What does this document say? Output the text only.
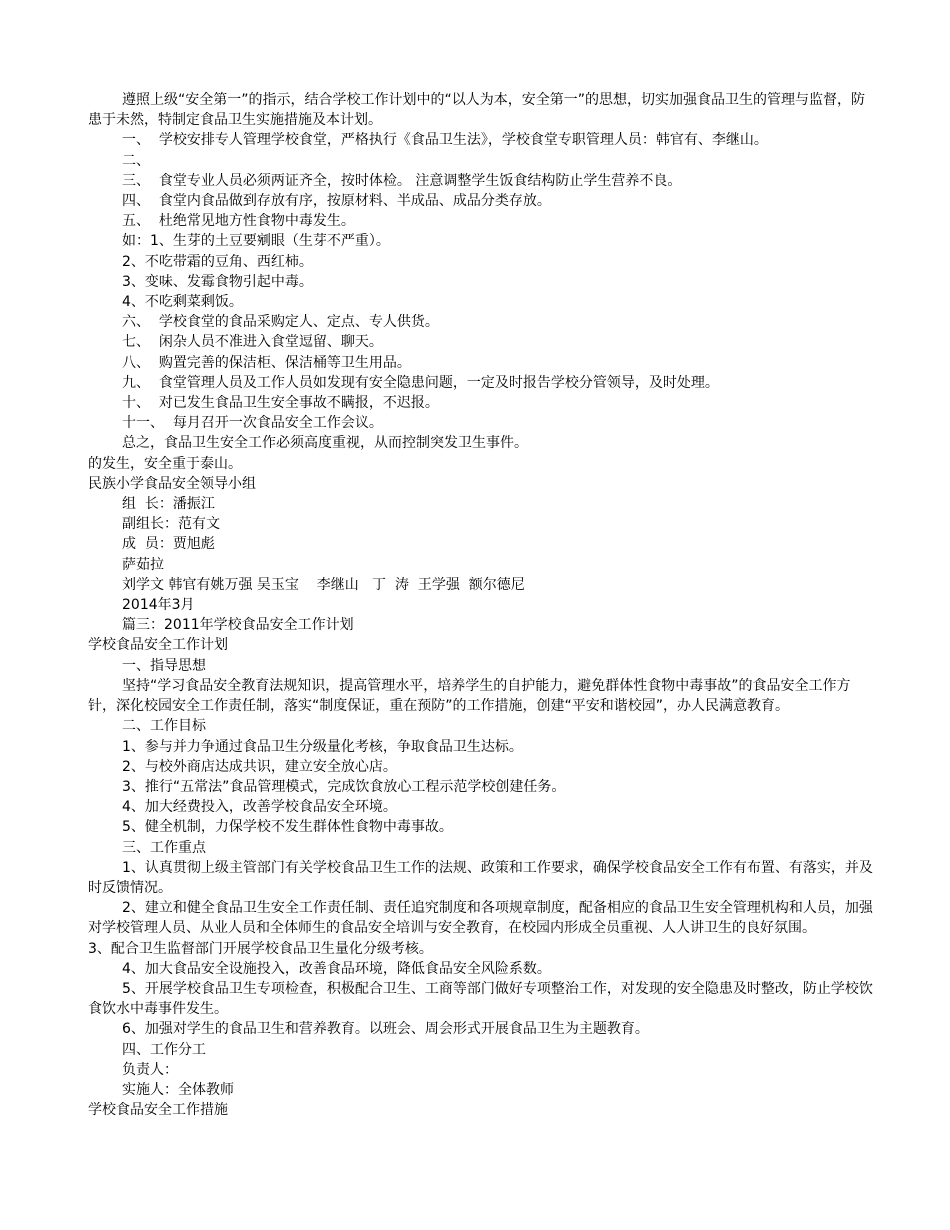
遵照上级“安全第一”的指示，结合学校工作计划中的“以人为本，安全第一”的思想，切实加强食品卫生的管理与监督，防患于未然，特制定食品卫生实施措施及本计划。

一、  学校安排专人管理学校食堂，严格执行《食品卫生法》，学校食堂专职管理人员：韩官有、李继山。

二、

三、  食堂专业人员必须两证齐全，按时体检。 注意调整学生饭食结构防止学生营养不良。

四、  食堂内食品做到存放有序，按原材料、半成品、成品分类存放。

五、  杜绝常见地方性食物中毒发生。

如：1、生芽的土豆要剜眼（生芽不严重）。

2、不吃带霜的豆角、西红柿。

3、变味、发霉食物引起中毒。

4、不吃剩菜剩饭。

六、  学校食堂的食品采购定人、定点、专人供货。

七、  闲杂人员不准进入食堂逗留、聊天。

八、  购置完善的保洁柜、保洁桶等卫生用品。

九、  食堂管理人员及工作人员如发现有安全隐患问题，一定及时报告学校分管领导，及时处理。

十、  对已发生食品卫生安全事故不瞒报，不迟报。

十一、  每月召开一次食品安全工作会议。

总之，食品卫生安全工作必须高度重视，从而控制突发卫生事件。

的发生，安全重于泰山。

民族小学食品安全领导小组

组  长：潘振江

副组长：范有文

成  员：贾旭彪

萨茹拉

刘学文 韩官有姚万强 吴玉宝    李继山   丁  涛  王学强  额尔德尼

2014年3月

篇三：2011年学校食品安全工作计划

学校食品安全工作计划

一、指导思想

坚持“学习食品安全教育法规知识，提高管理水平，培养学生的自护能力，避免群体性食物中毒事故”的食品安全工作方针，深化校园安全工作责任制，落实“制度保证，重在预防”的工作措施，创建“平安和谐校园”，办人民满意教育。

二、工作目标

1、参与并力争通过食品卫生分级量化考核，争取食品卫生达标。

2、与校外商店达成共识，建立安全放心店。

3、推行“五常法”食品管理模式，完成饮食放心工程示范学校创建任务。

4、加大经费投入，改善学校食品安全环境。

5、健全机制，力保学校不发生群体性食物中毒事故。

三、工作重点

1、认真贯彻上级主管部门有关学校食品卫生工作的法规、政策和工作要求，确保学校食品安全工作有布置、有落实，并及时反馈情况。

2、建立和健全食品卫生安全工作责任制、责任追究制度和各项规章制度，配备相应的食品卫生安全管理机构和人员，加强对学校管理人员、从业人员和全体师生的食品安全培训与安全教育，在校园内形成全员重视、人人讲卫生的良好氛围。

3、配合卫生监督部门开展学校食品卫生量化分级考核。

4、加大食品安全设施投入，改善食品环境，降低食品安全风险系数。

5、开展学校食品卫生专项检查，积极配合卫生、工商等部门做好专项整治工作，对发现的安全隐患及时整改，防止学校饮食饮水中毒事件发生。

6、加强对学生的食品卫生和营养教育。以班会、周会形式开展食品卫生为主题教育。

四、工作分工

负责人：

实施人：全体教师

学校食品安全工作措施
